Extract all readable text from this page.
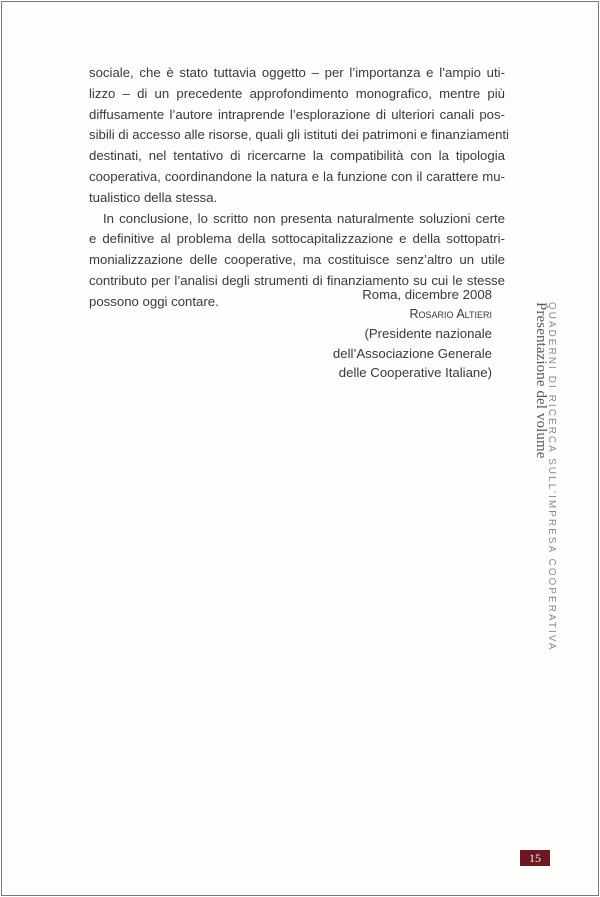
sociale, che è stato tuttavia oggetto – per l’importanza e l’ampio uti-
lizzo – di un precedente approfondimento monografico, mentre più
diffusamente l’autore intraprende l’esplorazione di ulteriori canali pos-
sibili di accesso alle risorse, quali gli istituti dei patrimoni e finanziamenti
destinati, nel tentativo di ricercarne la compatibilità con la tipologia
cooperativa, coordinandone la natura e la funzione con il carattere mu-
tualistico della stessa.
In conclusione, lo scritto non presenta naturalmente soluzioni certe
e definitive al problema della sottocapitalizzazione e della sottopatri-
monializzazione delle cooperative, ma costituisce senz’altro un utile
contributo per l’analisi degli strumenti di finanziamento su cui le stesse
possono oggi contare.	Roma, dicembre 2008
Rosario Altieri
(Presidente nazionale
dell’Associazione Generale
delle Cooperative Italiane)	Presentazione del volume
QUADERNI DI RICERCA SULL’IMPRESA COOPERATIVA
15
